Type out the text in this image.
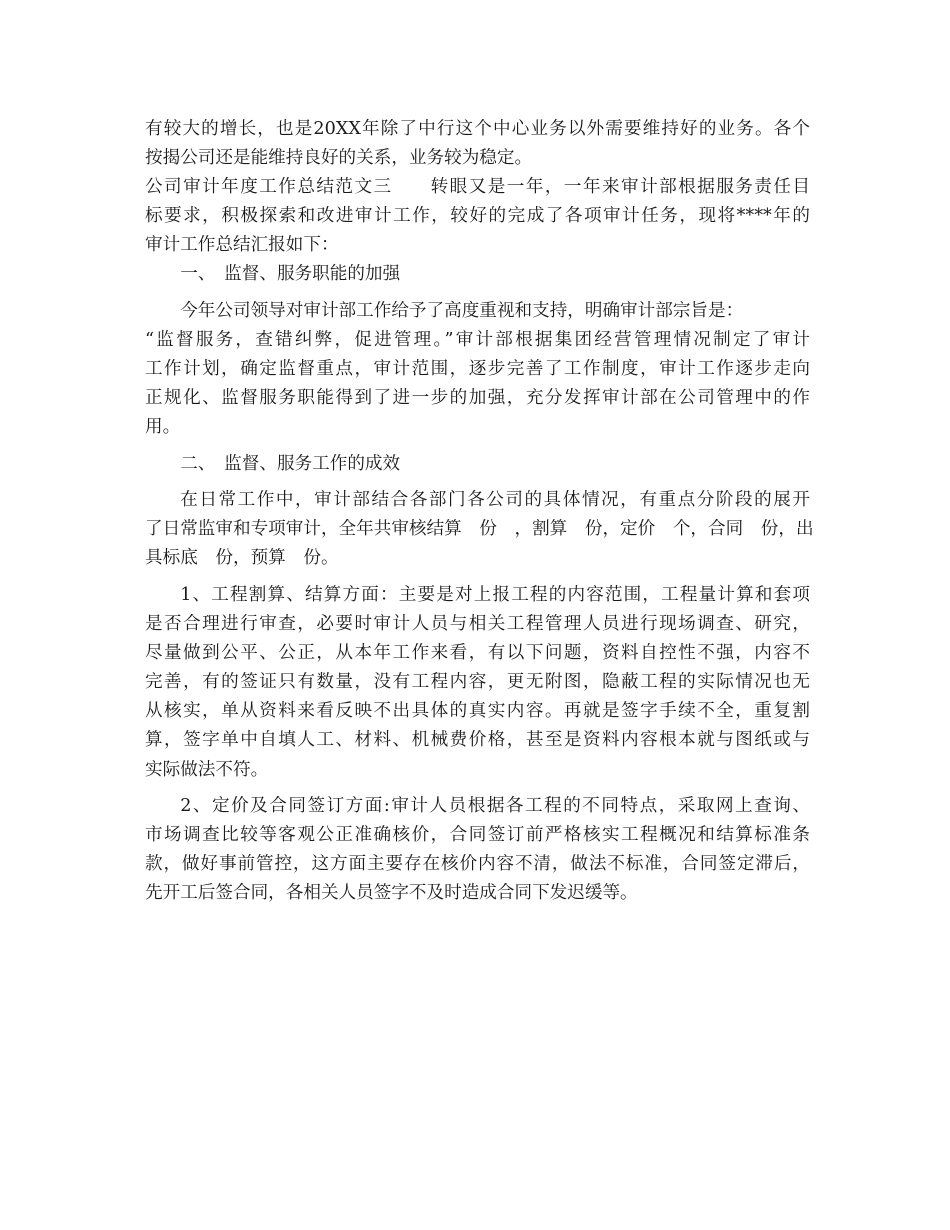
有较大的增长，也是20XX年除了中行这个中心业务以外需要维持好的业务。各个
按揭公司还是能维持良好的关系，业务较为稳定。
公司审计年度工作总结范文三　　转眼又是一年，一年来审计部根据服务责任目
标要求，积极探索和改进审计工作，较好的完成了各项审计任务，现将****年的
审计工作总结汇报如下：
一、　监督、服务职能的加强
今年公司领导对审计部工作给予了高度重视和支持，明确审计部宗旨是：
“监督服务，查错纠弊，促进管理。”审计部根据集团经营管理情况制定了审计
工作计划，确定监督重点，审计范围，逐步完善了工作制度，审计工作逐步走向
正规化、监督服务职能得到了进一步的加强，充分发挥审计部在公司管理中的作
用。
二、　监督、服务工作的成效
在日常工作中，审计部结合各部门各公司的具体情况，有重点分阶段的展开
了日常监审和专项审计，全年共审核结算　份　，割算　份，定价　个，合同　份，出
具标底　份，预算　份。
1、工程割算、结算方面：主要是对上报工程的内容范围，工程量计算和套项
是否合理进行审查，必要时审计人员与相关工程管理人员进行现场调查、研究，
尽量做到公平、公正，从本年工作来看，有以下问题，资料自控性不强，内容不
完善，有的签证只有数量，没有工程内容，更无附图，隐蔽工程的实际情况也无
从核实，单从资料来看反映不出具体的真实内容。再就是签字手续不全，重复割
算，签字单中自填人工、材料、机械费价格，甚至是资料内容根本就与图纸或与
实际做法不符。
2、定价及合同签订方面:审计人员根据各工程的不同特点，采取网上查询、
市场调查比较等客观公正准确核价，合同签订前严格核实工程概况和结算标准条
款，做好事前管控，这方面主要存在核价内容不清，做法不标准，合同签定滞后，
先开工后签合同，各相关人员签字不及时造成合同下发迟缓等。
